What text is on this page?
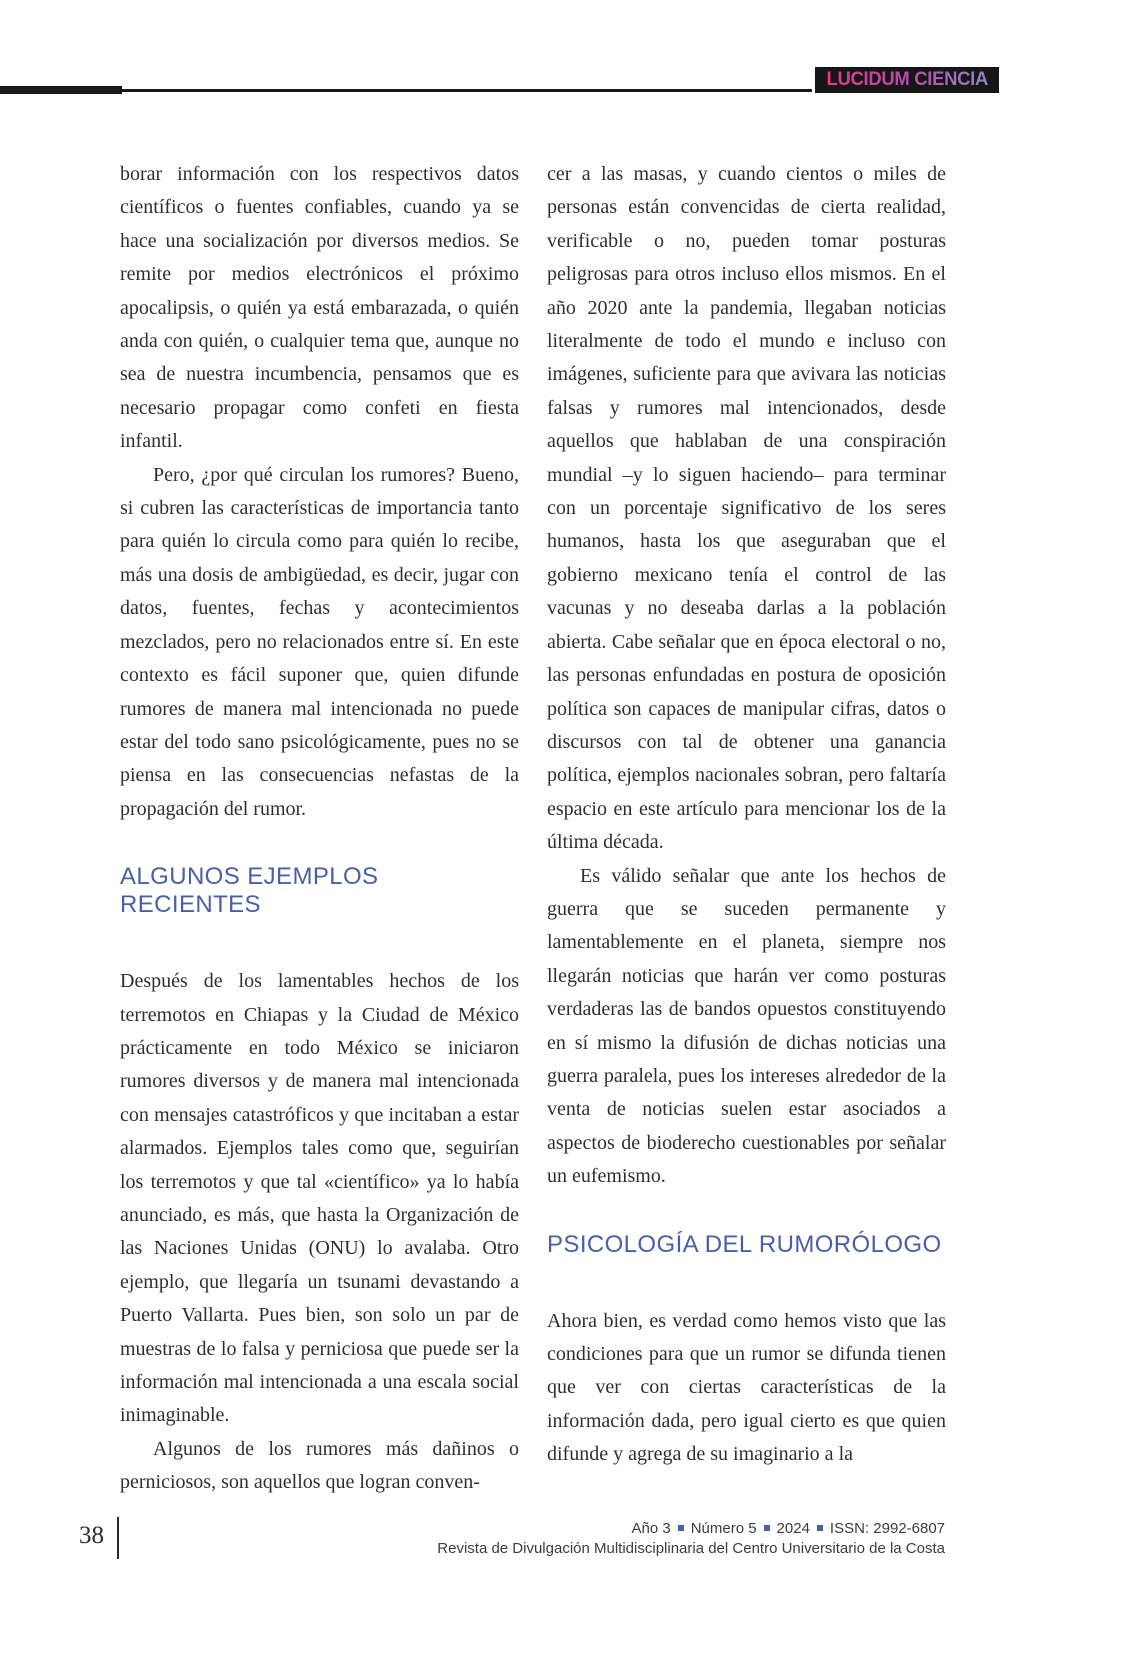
LUCIDUM CIENCIA

borar información con los respectivos datos científicos o fuentes confiables, cuando ya se hace una socialización por diversos medios. Se remite por medios electrónicos el próximo apocalipsis, o quién ya está embarazada, o quién anda con quién, o cualquier tema que, aunque no sea de nuestra incumbencia, pensamos que es necesario propagar como confeti en fiesta infantil.

Pero, ¿por qué circulan los rumores? Bueno, si cubren las características de importancia tanto para quién lo circula como para quién lo recibe, más una dosis de ambigüedad, es decir, jugar con datos, fuentes, fechas y acontecimientos mezclados, pero no relacionados entre sí. En este contexto es fácil suponer que, quien difunde rumores de manera mal intencionada no puede estar del todo sano psicológicamente, pues no se piensa en las consecuencias nefastas de la propagación del rumor.

ALGUNOS EJEMPLOS RECIENTES

Después de los lamentables hechos de los terremotos en Chiapas y la Ciudad de México prácticamente en todo México se iniciaron rumores diversos y de manera mal intencionada con mensajes catastróficos y que incitaban a estar alarmados. Ejemplos tales como que, seguirían los terremotos y que tal «científico» ya lo había anunciado, es más, que hasta la Organización de las Naciones Unidas (ONU) lo avalaba. Otro ejemplo, que llegaría un tsunami devastando a Puerto Vallarta. Pues bien, son solo un par de muestras de lo falsa y perniciosa que puede ser la información mal intencionada a una escala social inimaginable.

Algunos de los rumores más dañinos o perniciosos, son aquellos que logran conven-

cer a las masas, y cuando cientos o miles de personas están convencidas de cierta realidad, verificable o no, pueden tomar posturas peligrosas para otros incluso ellos mismos. En el año 2020 ante la pandemia, llegaban noticias literalmente de todo el mundo e incluso con imágenes, suficiente para que avivara las noticias falsas y rumores mal intencionados, desde aquellos que hablaban de una conspiración mundial –y lo siguen haciendo– para terminar con un porcentaje significativo de los seres humanos, hasta los que aseguraban que el gobierno mexicano tenía el control de las vacunas y no deseaba darlas a la población abierta. Cabe señalar que en época electoral o no, las personas enfundadas en postura de oposición política son capaces de manipular cifras, datos o discursos con tal de obtener una ganancia política, ejemplos nacionales sobran, pero faltaría espacio en este artículo para mencionar los de la última década.

Es válido señalar que ante los hechos de guerra que se suceden permanente y lamentablemente en el planeta, siempre nos llegarán noticias que harán ver como posturas verdaderas las de bandos opuestos constituyendo en sí mismo la difusión de dichas noticias una guerra paralela, pues los intereses alrededor de la venta de noticias suelen estar asociados a aspectos de bioderecho cuestionables por señalar un eufemismo.

PSICOLOGÍA DEL RUMORÓLOGO

Ahora bien, es verdad como hemos visto que las condiciones para que un rumor se difunda tienen que ver con ciertas características de la información dada, pero igual cierto es que quien difunde y agrega de su imaginario a la

38	Año 3 Número 5 2024 ISSN: 2992-6807
Revista de Divulgación Multidisciplinaria del Centro Universitario de la Costa
